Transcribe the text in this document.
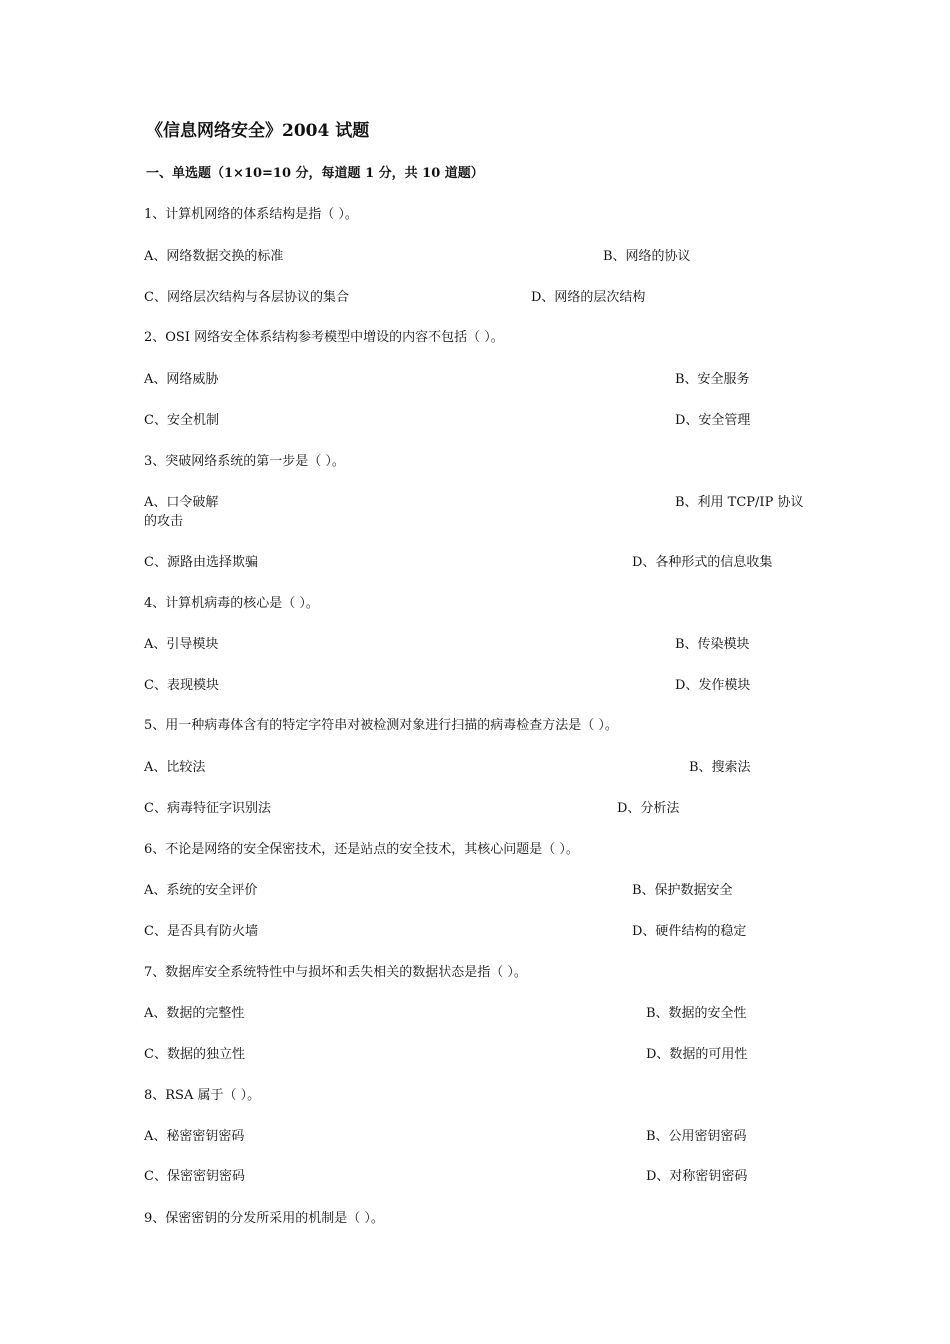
《信息网络安全》2004 试题
一、单选题（1×10=10 分，每道题 1 分，共 10 道题）
1、计算机网络的体系结构是指（ ）。
A、网络数据交换的标准	B、网络的协议
C、网络层次结构与各层协议的集合	D、网络的层次结构
2、OSI 网络安全体系结构参考模型中增设的内容不包括（ ）。
A、网络威胁	B、安全服务
C、安全机制	D、安全管理
3、突破网络系统的第一步是（ ）。
A、口令破解	B、利用 TCP/IP 协议
的攻击
C、源路由选择欺骗	D、各种形式的信息收集
4、计算机病毒的核心是（ ）。
A、引导模块	B、传染模块
C、表现模块	D、发作模块
5、用一种病毒体含有的特定字符串对被检测对象进行扫描的病毒检查方法是（ ）。
A、比较法	B、搜索法
C、病毒特征字识别法	D、分析法
6、不论是网络的安全保密技术，还是站点的安全技术，其核心问题是（ ）。
A、系统的安全评价	B、保护数据安全
C、是否具有防火墙	D、硬件结构的稳定
7、数据库安全系统特性中与损坏和丢失相关的数据状态是指（ ）。
A、数据的完整性	B、数据的安全性
C、数据的独立性	D、数据的可用性
8、RSA 属于（ ）。
A、秘密密钥密码	B、公用密钥密码
C、保密密钥密码	D、对称密钥密码
9、保密密钥的分发所采用的机制是（ ）。
